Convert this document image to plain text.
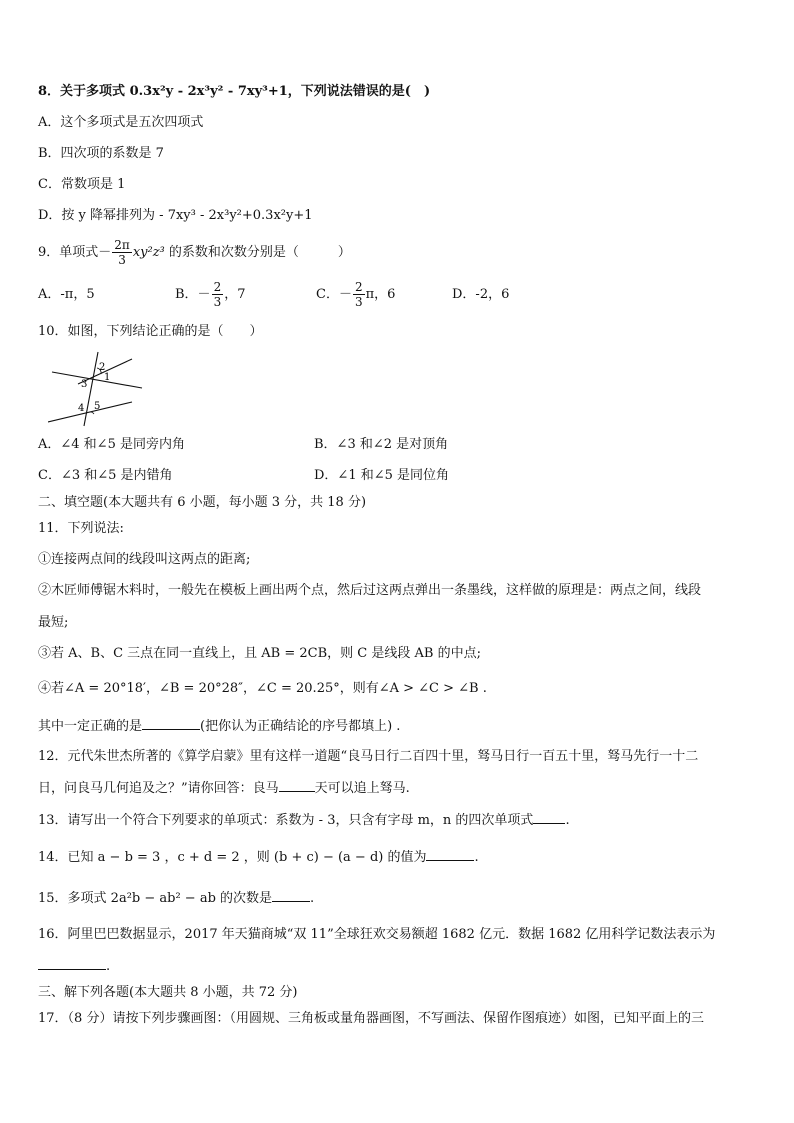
8．关于多项式 0.3x²y - 2x³y² - 7xy³+1，下列说法错误的是(　)
A．这个多项式是五次四项式
B．四次项的系数是 7
C．常数项是 1
D．按 y 降幂排列为 - 7xy³ - 2x³y²+0.3x²y+1
9．单项式－ $\frac{2\pi}{3} xy^2z^3$ 的系数和次数分别是（　　　）
A．-π，5	B．－ $\frac{2}{3}$ ，7	C．－ $\frac{2}{3}$ π，6	D．-2，6
10．如图，下列结论正确的是（　　）
2
1
3
4 5
A．∠4 和∠5 是同旁内角	B．∠3 和∠2 是对顶角
C．∠3 和∠5 是内错角	D．∠1 和∠5 是同位角
二、填空题(本大题共有 6 小题，每小题 3 分，共 18 分)
11．下列说法:
①连接两点间的线段叫这两点的距离;
②木匠师傅锯木料时，一般先在模板上画出两个点，然后过这两点弹出一条墨线，这样做的原理是：两点之间，线段
最短;
③若 A、B、C 三点在同一直线上，且 AB = 2CB，则 C 是线段 AB 的中点;
④若∠A = 20°18′，∠B = 20°28″，∠C = 20.25°，则有∠A > ∠C > ∠B .
其中一定正确的是	(把你认为正确结论的序号都填上) .
12．元代朱世杰所著的《算学启蒙》里有这样一道题“良马日行二百四十里，驽马日行一百五十里，驽马先行一十二
日，问良马几何追及之？”请你回答：良马	天可以追上驽马.
13．请写出一个符合下列要求的单项式：系数为 - 3，只含有字母 m，n 的四次单项式 .
14．已知 a − b = 3 ，c + d = 2 ，则 (b + c) − (a − d) 的值为	.
15．多项式 2a²b − ab² − ab 的次数是	.
16．阿里巴巴数据显示，2017 年天猫商城“双 11”全球狂欢交易额超 1682 亿元．数据 1682 亿用科学记数法表示为
.
三、解下列各题(本大题共 8 小题，共 72 分)
17．（8 分）请按下列步骤画图：（用圆规、三角板或量角器画图，不写画法、保留作图痕迹）如图，已知平面上的三
